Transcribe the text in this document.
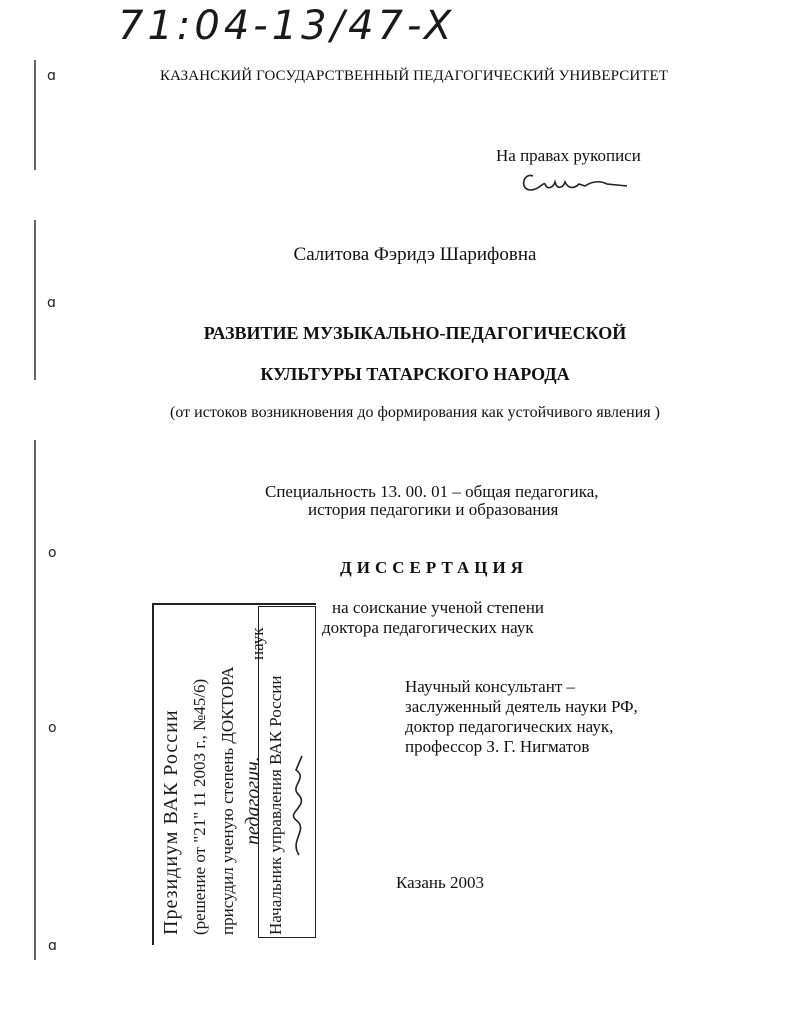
71:04-13/47-X
ɑ
ɑ
o
o
ɑ
КАЗАНСКИЙ ГОСУДАРСТВЕННЫЙ ПЕДАГОГИЧЕСКИЙ УНИВЕРСИТЕТ
На правах рукописи
Салитова Фэридэ Шарифовна
РАЗВИТИЕ МУЗЫКАЛЬНО-ПЕДАГОГИЧЕСКОЙ
КУЛЬТУРЫ ТАТАРСКОГО НАРОДА
(от истоков возникновения до формирования как устойчивого явления )
Специальность 13. 00. 01 – общая педагогика,
история педагогики и образования
ДИССЕРТАЦИЯ
на соискание ученой степени
доктора педагогических наук
Научный консультант –
заслуженный деятель науки РФ,
доктор педагогических наук,
профессор З. Г. Нигматов
Казань 2003
Президиум ВАК России (решение от "21" 11 2003 г., №45/6) присудил ученую степень ДОКТОРА педагогич.
наук
Начальник управления ВАК России
